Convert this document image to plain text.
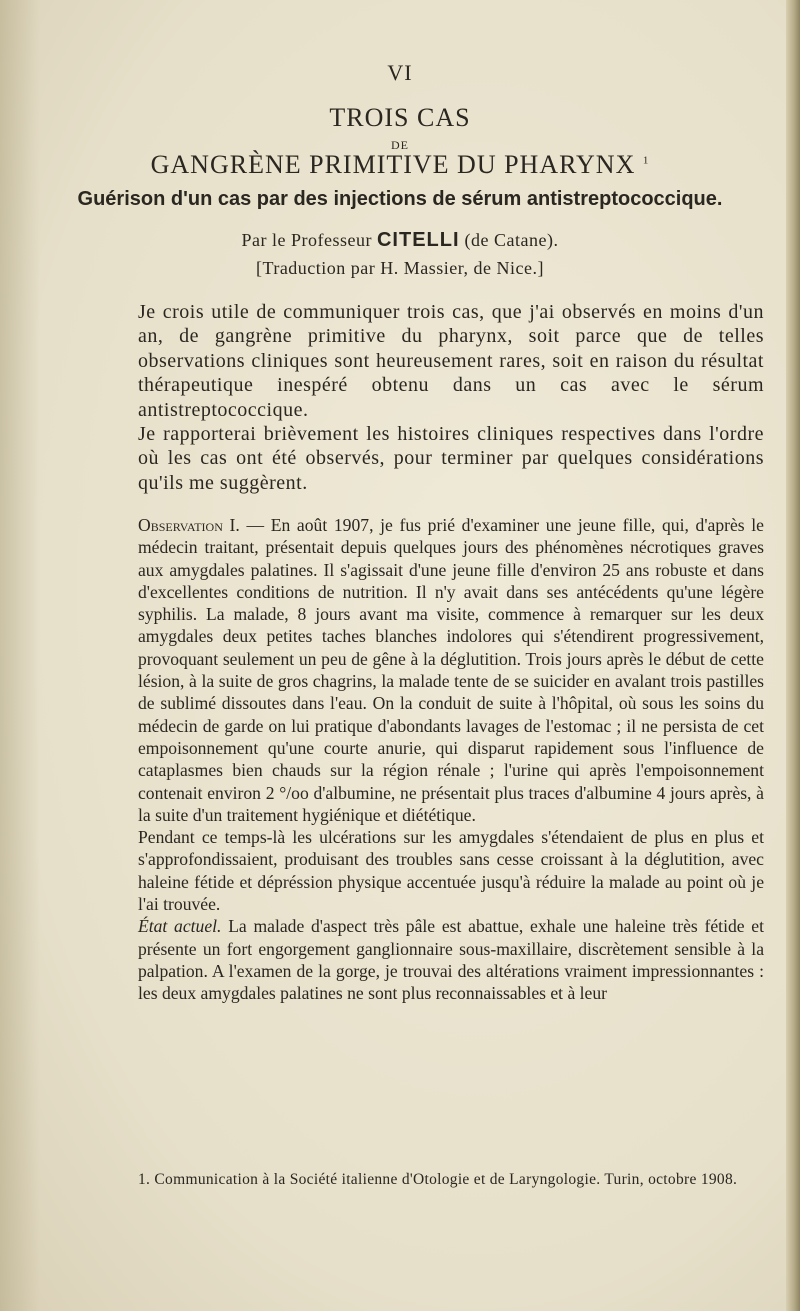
VI
TROIS CAS
DE
GANGRÈNE PRIMITIVE DU PHARYNX $^1$
Guérison d'un cas par des injections de sérum antistreptococcique.
Par le Professeur CITELLI (de Catane).
[Traduction par H. Massier, de Nice.]

Je crois utile de communiquer trois cas, que j'ai observés en moins d'un an, de gangrène primitive du pharynx, soit parce que de telles observations cliniques sont heureusement rares, soit en raison du résultat thérapeutique inespéré obtenu dans un cas avec le sérum antistreptococcique.

Je rapporterai brièvement les histoires cliniques respectives dans l'ordre où les cas ont été observés, pour terminer par quelques considérations qu'ils me suggèrent.

Observation I. — En août 1907, je fus prié d'examiner une jeune fille, qui, d'après le médecin traitant, présentait depuis quelques jours des phénomènes nécrotiques graves aux amygdales palatines. Il s'agissait d'une jeune fille d'environ 25 ans robuste et dans d'excellentes conditions de nutrition. Il n'y avait dans ses antécédents qu'une légère syphilis. La malade, 8 jours avant ma visite, commence à remarquer sur les deux amygdales deux petites taches blanches indolores qui s'étendirent progressivement, provoquant seulement un peu de gêne à la déglutition. Trois jours après le début de cette lésion, à la suite de gros chagrins, la malade tente de se suicider en avalant trois pastilles de sublimé dissoutes dans l'eau. On la conduit de suite à l'hôpital, où sous les soins du médecin de garde on lui pratique d'abondants lavages de l'estomac ; il ne persista de cet empoisonnement qu'une courte anurie, qui disparut rapidement sous l'influence de cataplasmes bien chauds sur la région rénale ; l'urine qui après l'empoisonnement contenait environ 2 °/oo d'albumine, ne présentait plus traces d'albumine 4 jours après, à la suite d'un traitement hygiénique et diététique.

Pendant ce temps-là les ulcérations sur les amygdales s'étendaient de plus en plus et s'approfondissaient, produisant des troubles sans cesse croissant à la déglutition, avec haleine fétide et dépréssion physique accentuée jusqu'à réduire la malade au point où je l'ai trouvée.

État actuel. La malade d'aspect très pâle est abattue, exhale une haleine très fétide et présente un fort engorgement ganglionnaire sous-maxillaire, discrètement sensible à la palpation. A l'examen de la gorge, je trouvai des altérations vraiment impressionnantes : les deux amygdales palatines ne sont plus reconnaissables et à leur

1. Communication à la Société italienne d'Otologie et de Laryngologie. Turin, octobre 1908.
